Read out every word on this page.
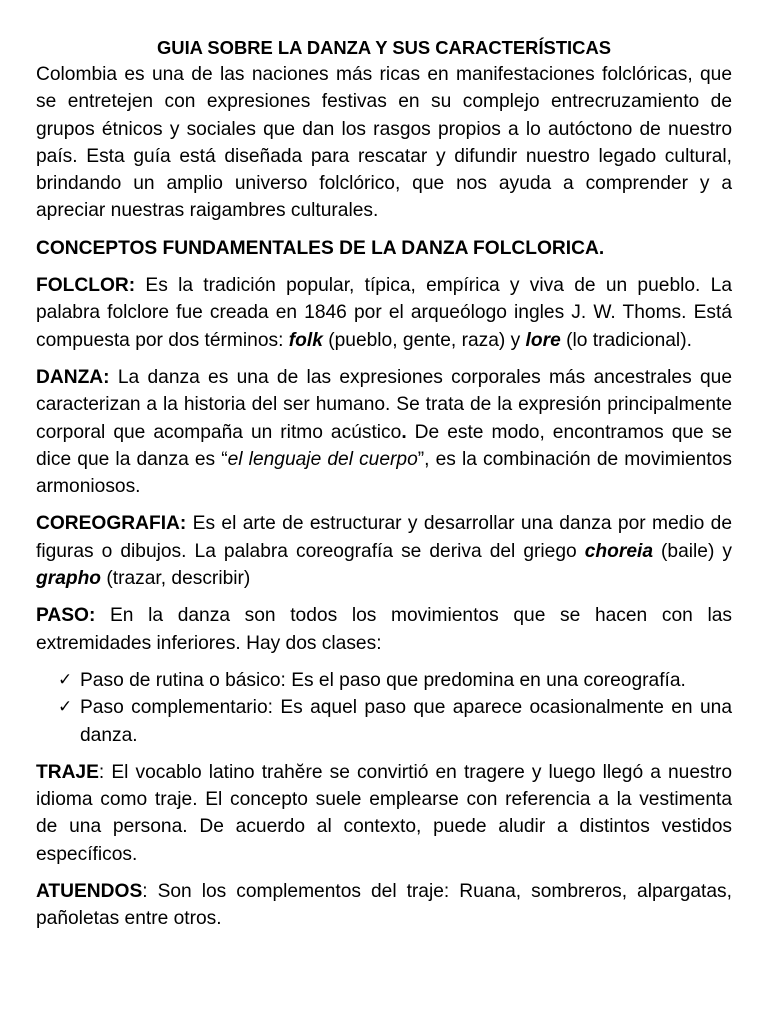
GUIA SOBRE LA DANZA Y SUS CARACTERÍSTICAS

Colombia es una de las naciones más ricas en manifestaciones folclóricas, que se entretejen con expresiones festivas en su complejo entrecruzamiento de grupos étnicos y sociales que dan los rasgos propios a lo autóctono de nuestro país. Esta guía está diseñada para rescatar y difundir nuestro legado cultural, brindando un amplio universo folclórico, que nos ayuda a comprender y a apreciar nuestras raigambres culturales.

CONCEPTOS FUNDAMENTALES DE LA DANZA FOLCLORICA.

FOLCLOR: Es la tradición popular, típica, empírica y viva de un pueblo. La palabra folclore fue creada en 1846 por el arqueólogo ingles J. W. Thoms. Está compuesta por dos términos: folk (pueblo, gente, raza) y lore (lo tradicional).

DANZA: La danza es una de las expresiones corporales más ancestrales que caracterizan a la historia del ser humano. Se trata de la expresión principalmente corporal que acompaña un ritmo acústico. De este modo, encontramos que se dice que la danza es “el lenguaje del cuerpo”, es la combinación de movimientos armoniosos.

COREOGRAFIA: Es el arte de estructurar y desarrollar una danza por medio de figuras o dibujos. La palabra coreografía se deriva del griego choreia (baile) y grapho (trazar, describir)

PASO: En la danza son todos los movimientos que se hacen con las extremidades inferiores. Hay dos clases:

✓ Paso de rutina o básico: Es el paso que predomina en una coreografía.
✓ Paso complementario: Es aquel paso que aparece ocasionalmente en una danza.

TRAJE: El vocablo latino trahĕre se convirtió en tragere y luego llegó a nuestro idioma como traje. El concepto suele emplearse con referencia a la vestimenta de una persona. De acuerdo al contexto, puede aludir a distintos vestidos específicos.

ATUENDOS: Son los complementos del traje: Ruana, sombreros, alpargatas, pañoletas entre otros.
